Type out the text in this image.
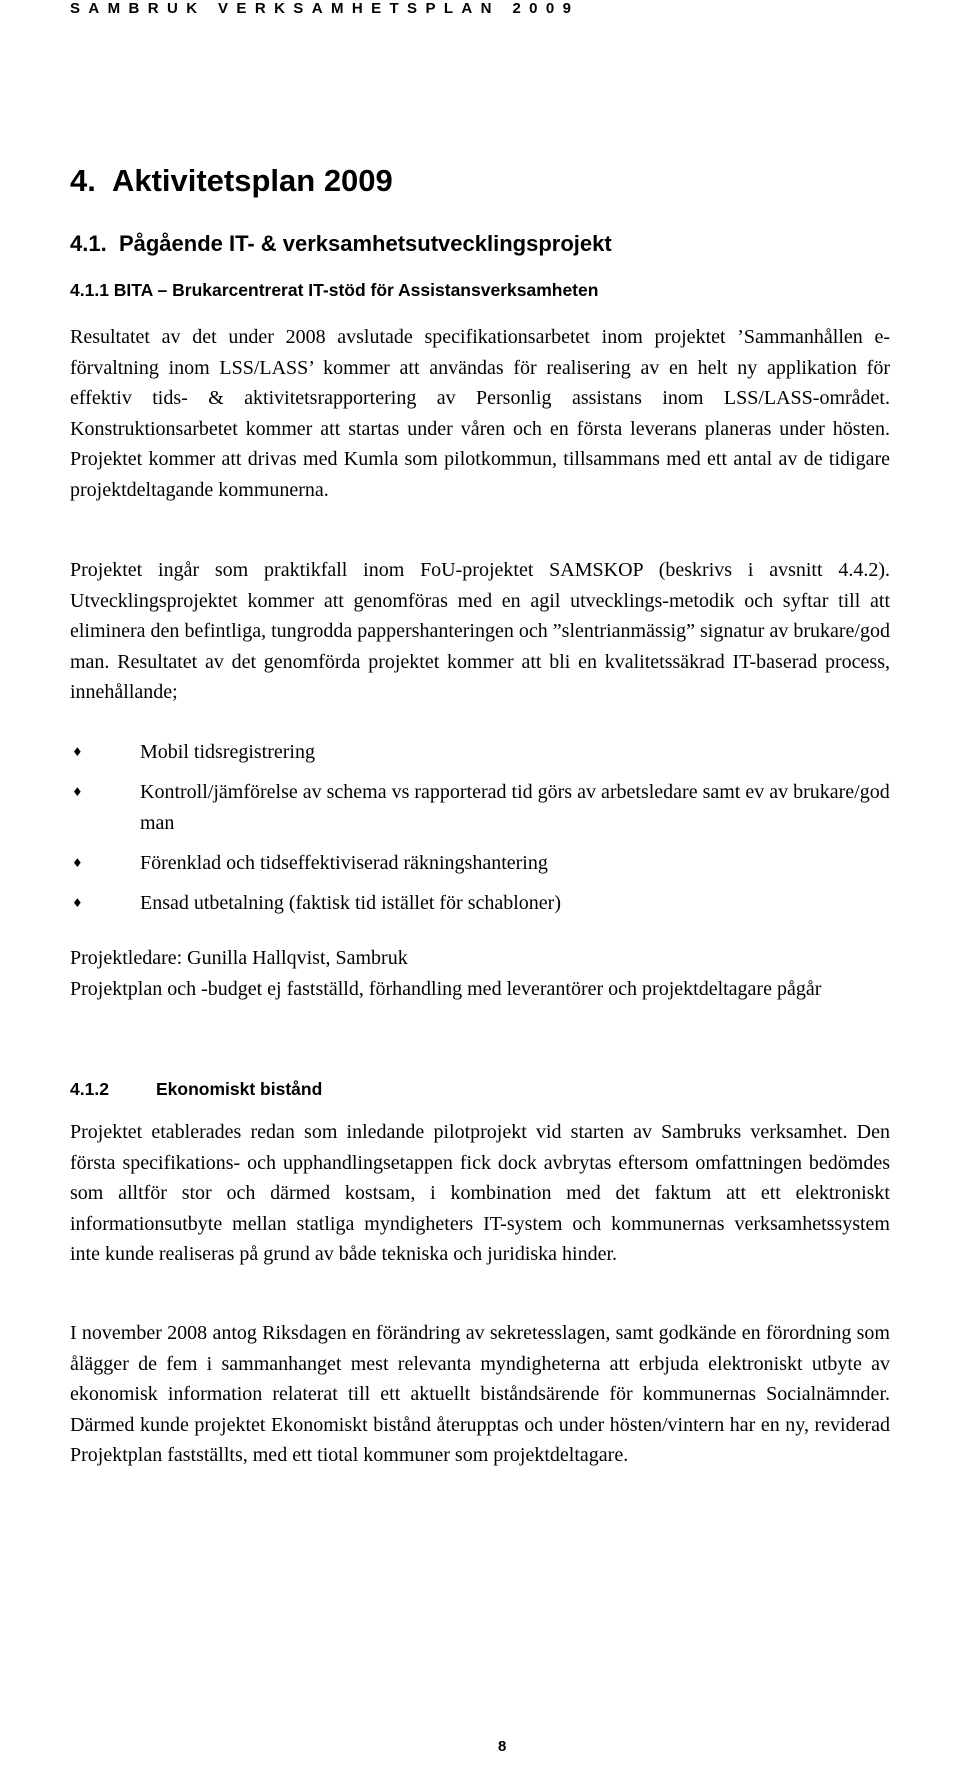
SAMBRUK VERKSAMHETSPLAN 2009
4. Aktivitetsplan 2009
4.1. Pågående IT- & verksamhetsutvecklingsprojekt
4.1.1 BITA – Brukarcentrerat IT-stöd för Assistansverksamheten

Resultatet av det under 2008 avslutade specifikationsarbetet inom projektet ’Sammanhållen e-förvaltning inom LSS/LASS’ kommer att användas för realisering av en helt ny applikation för effektiv tids- & aktivitetsrapportering av Personlig assistans inom LSS/LASS-området. Konstruktionsarbetet kommer att startas under våren och en första leverans planeras under hösten. Projektet kommer att drivas med Kumla som pilotkommun, tillsammans med ett antal av de tidigare projektdeltagande kommunerna.

Projektet ingår som praktikfall inom FoU-projektet SAMSKOP (beskrivs i avsnitt 4.4.2). Utvecklingsprojektet kommer att genomföras med en agil utvecklings-metodik och syftar till att eliminera den befintliga, tungrodda pappershanteringen och ”slentrianmässig” signatur av brukare/god man. Resultatet av det genomförda projektet kommer att bli en kvalitetssäkrad IT-baserad process, innehållande;

♦	Mobil tidsregistrering
♦	Kontroll/jämförelse av schema vs rapporterad tid görs av arbetsledare samt ev av brukare/god man
♦	Förenklad och tidseffektiviserad räkningshantering
♦	Ensad utbetalning (faktisk tid istället för schabloner)

Projektledare: Gunilla Hallqvist, Sambruk

Projektplan och -budget ej fastställd, förhandling med leverantörer och projektdeltagare pågår

4.1.2	Ekonomiskt bistånd

Projektet etablerades redan som inledande pilotprojekt vid starten av Sambruks verksamhet. Den första specifikations- och upphandlingsetappen fick dock avbrytas eftersom omfattningen bedömdes som alltför stor och därmed kostsam, i kombination med det faktum att ett elektroniskt informationsutbyte mellan statliga myndigheters IT-system och kommunernas verksamhetssystem inte kunde realiseras på grund av både tekniska och juridiska hinder.

I november 2008 antog Riksdagen en förändring av sekretesslagen, samt godkände en förordning som ålägger de fem i sammanhanget mest relevanta myndigheterna att erbjuda elektroniskt utbyte av ekonomisk information relaterat till ett aktuellt biståndsärende för kommunernas Socialnämnder. Därmed kunde projektet Ekonomiskt bistånd återupptas och under hösten/vintern har en ny, reviderad Projektplan fastställts, med ett tiotal kommuner som projektdeltagare.

8
